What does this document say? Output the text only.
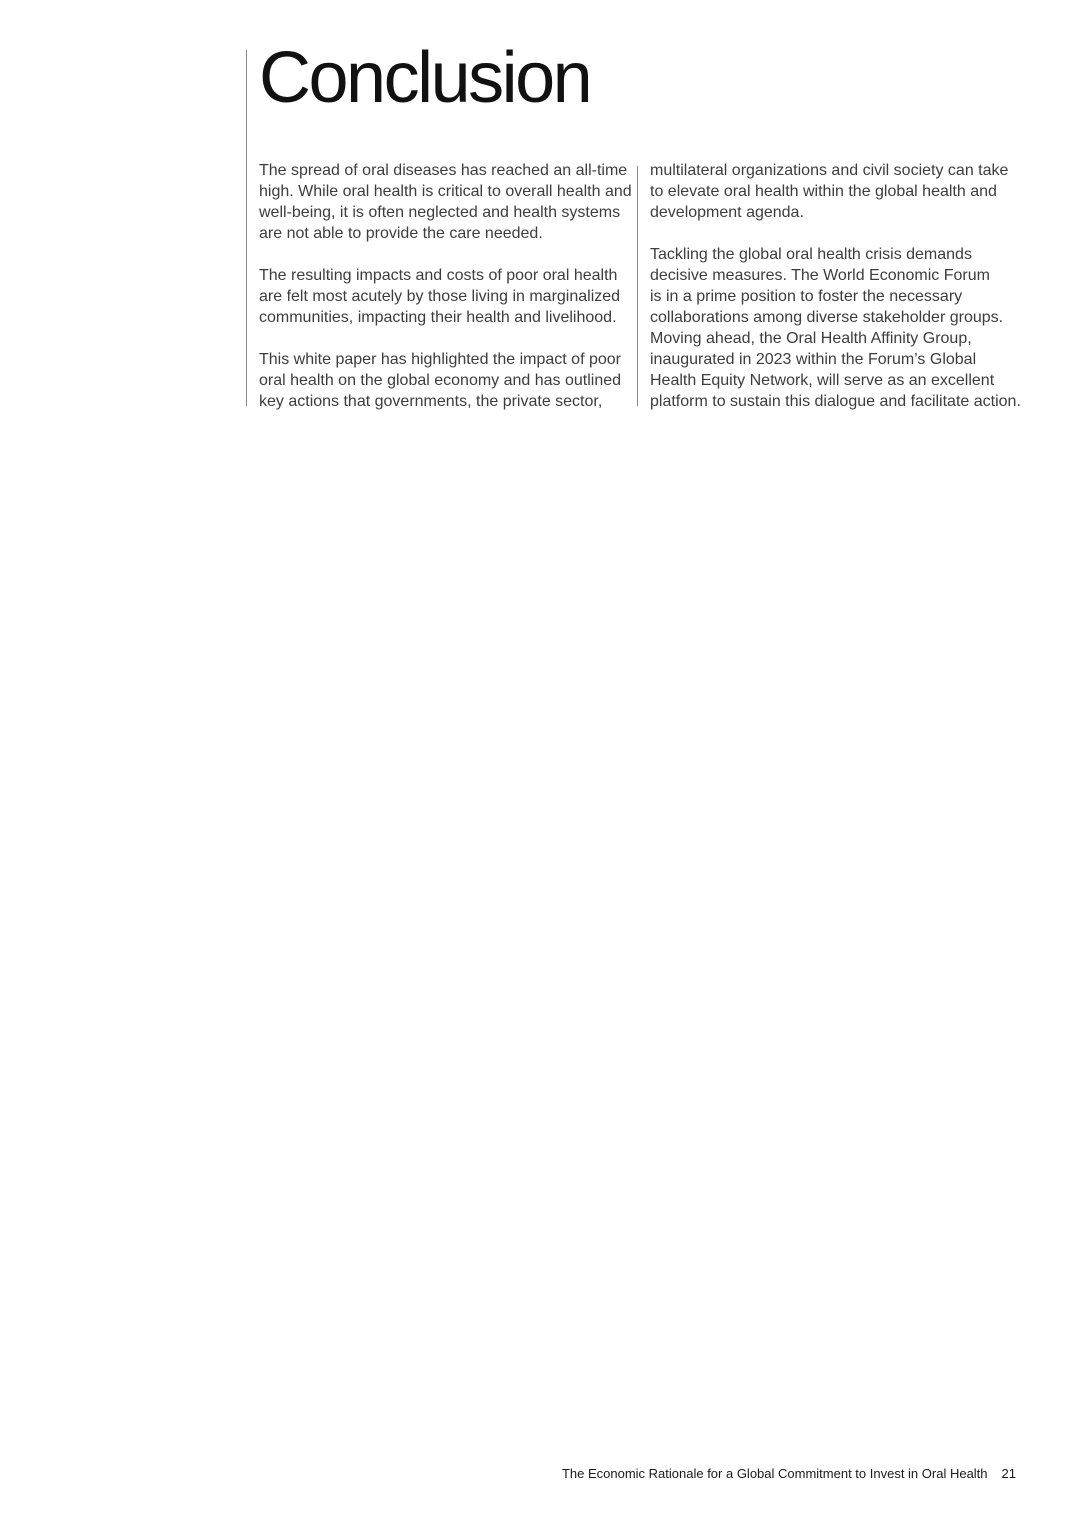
Conclusion
The spread of oral diseases has reached an all-time
high. While oral health is critical to overall health and
well-being, it is often neglected and health systems
are not able to provide the care needed.
The resulting impacts and costs of poor oral health
are felt most acutely by those living in marginalized
communities, impacting their health and livelihood.
This white paper has highlighted the impact of poor
oral health on the global economy and has outlined
key actions that governments, the private sector,
multilateral organizations and civil society can take
to elevate oral health within the global health and
development agenda.
Tackling the global oral health crisis demands
decisive measures. The World Economic Forum
is in a prime position to foster the necessary
collaborations among diverse stakeholder groups.
Moving ahead, the Oral Health Affinity Group,
inaugurated in 2023 within the Forum’s Global
Health Equity Network, will serve as an excellent
platform to sustain this dialogue and facilitate action.
The Economic Rationale for a Global Commitment to Invest in Oral Health 21
